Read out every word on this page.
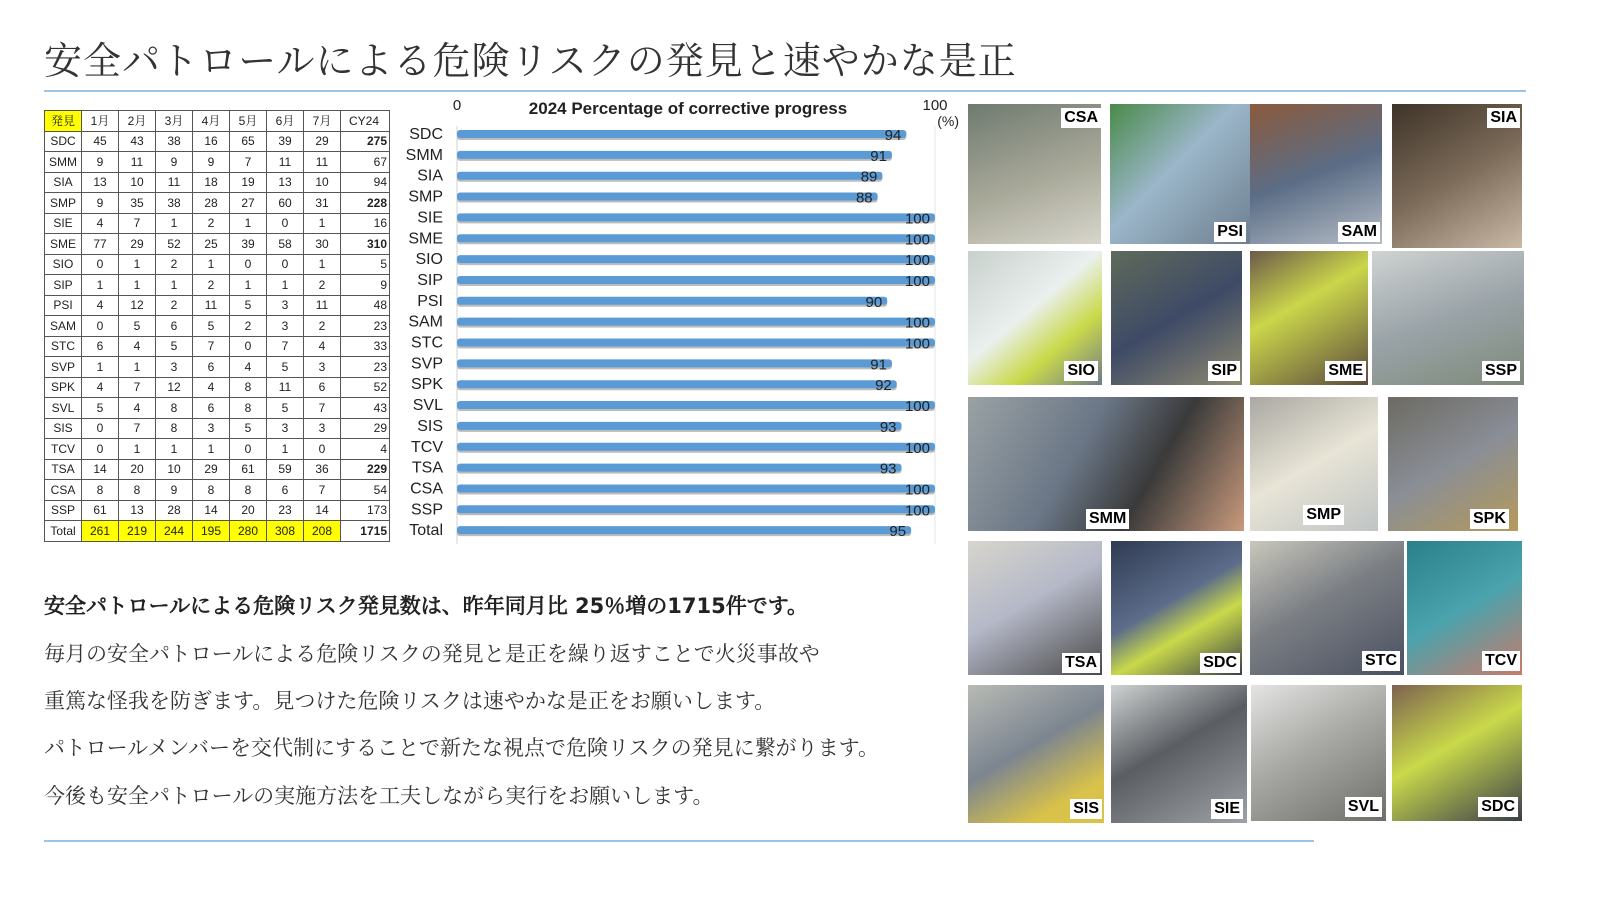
安全パトロールによる危険リスクの発見と速やかな是正
発見	1月	2月	3月	4月	5月	6月	7月	CY24
SDC	45	43	38	16	65	39	29	275
SMM	9	11	9	9	7	11	11	67
SIA	13	10	11	18	19	13	10	94
SMP	9	35	38	28	27	60	31	228
SIE	4	7	1	2	1	0	1	16
SME	77	29	52	25	39	58	30	310
SIO	0	1	2	1	0	0	1	5
SIP	1	1	1	2	1	1	2	9
PSI	4	12	2	11	5	3	11	48
SAM	0	5	6	5	2	3	2	23
STC	6	4	5	7	0	7	4	33
SVP	1	1	3	6	4	5	3	23
SPK	4	7	12	4	8	11	6	52
SVL	5	4	8	6	8	5	7	43
SIS	0	7	8	3	5	3	3	29
TCV	0	1	1	1	0	1	0	4
TSA	14	20	10	29	61	59	36	229
CSA	8	8	9	8	8	6	7	54
SSP	61	13	28	14	20	23	14	173
Total	261	219	244	195	280	308	208	1715
0	100
(%)
2024 Percentage of corrective progress
SDC	94
SMM	91
SIA	89
SMP	88
SIE	100
SME	100
SIO	100
SIP	100
PSI	90
SAM	100
STC	100
SVP	91
SPK	92
SVL	100
SIS	93
TCV	100
TSA	93
CSA	100
SSP	100
Total	95
安全パトロールによる危険リスク発見数は、昨年同月比 25％増の1715件です。
毎月の安全パトロールによる危険リスクの発見と是正を繰り返すことで火災事故や
重篤な怪我を防ぎます。見つけた危険リスクは速やかな是正をお願いします。
パトロールメンバーを交代制にすることで新たな視点で危険リスクの発見に繋がります。
今後も安全パトロールの実施方法を工夫しながら実行をお願いします。
CSA
PSI	SAM
SIA
SIO	SIP	SME	SSP
SMM	SMP	SPK
TSA	SDC	STC	TCV
SIS	SIE	SVL	SDC
